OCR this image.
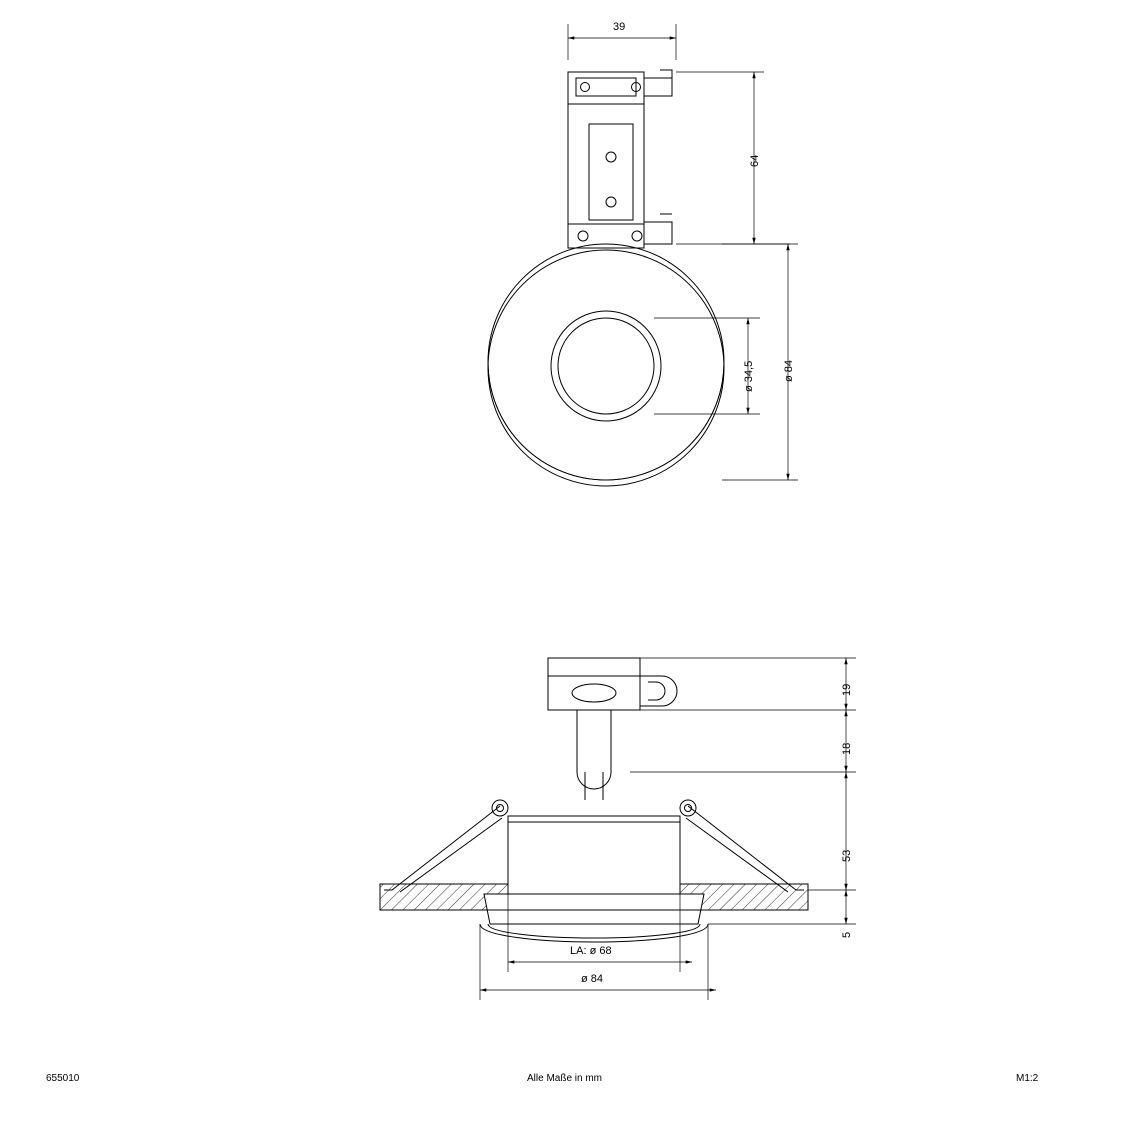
39
64
ø 34,5	ø 84
19
18
53
5
LA: ø 68
ø 84
655010	Alle Maße in mm	M1:2
